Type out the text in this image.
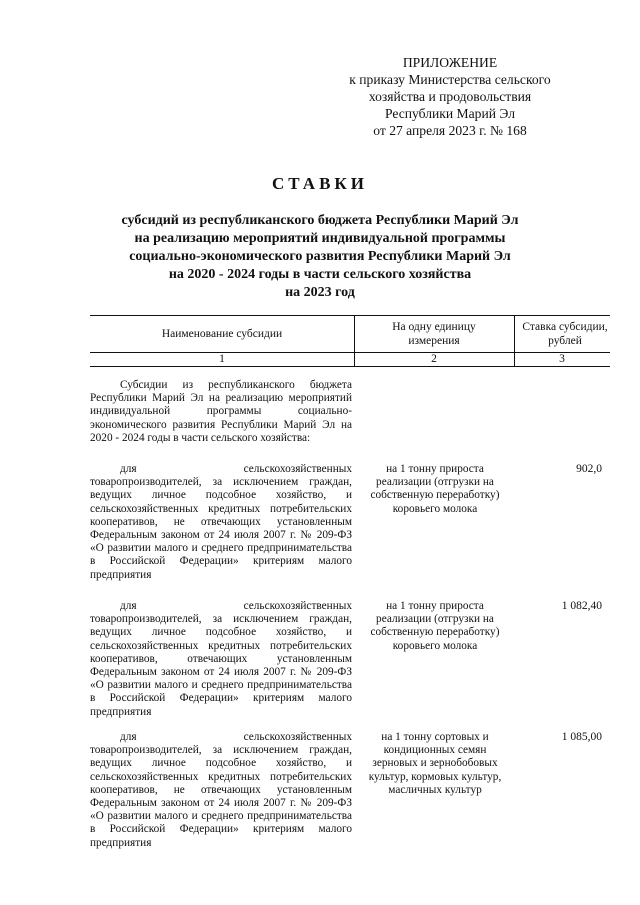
ПРИЛОЖЕНИЕ
к приказу Министерства сельского
хозяйства и продовольствия
Республики Марий Эл
от 27 апреля 2023 г. № 168
СТАВКИ
субсидий из республиканского бюджета Республики Марий Эл
на реализацию мероприятий индивидуальной программы
социально-экономического развития Республики Марий Эл
на 2020 - 2024 годы в части сельского хозяйства
на 2023 год
Наименование субсидии
На одну единицу измерения
Ставка субсидии, рублей
1	2	3
Субсидии из республиканского бюджета Республики Марий Эл на реализацию мероприятий индивидуальной программы социально-экономического развития Республики Марий Эл на 2020 - 2024 годы в части сельского хозяйства:
для сельскохозяйственных товаропроизводителей, за исключением граждан, ведущих личное подсобное хозяйство, и сельскохозяйственных кредитных потребительских кооперативов, не отвечающих установленным Федеральным законом от 24 июля 2007 г. № 209-ФЗ «О развитии малого и среднего предпринимательства в Российской Федерации» критериям малого предприятия
на 1 тонну прироста реализации (отгрузки на собственную переработку) коровьего молока
902,0
для сельскохозяйственных товаропроизводителей, за исключением граждан, ведущих личное подсобное хозяйство, и сельскохозяйственных кредитных потребительских кооперативов, отвечающих установленным Федеральным законом от 24 июля 2007 г. № 209-ФЗ «О развитии малого и среднего предпринимательства в Российской Федерации» критериям малого предприятия
на 1 тонну прироста реализации (отгрузки на собственную переработку) коровьего молока
1 082,40
для сельскохозяйственных товаропроизводителей, за исключением граждан, ведущих личное подсобное хозяйство, и сельскохозяйственных кредитных потребительских кооперативов, не отвечающих установленным Федеральным законом от 24 июля 2007 г. № 209-ФЗ «О развитии малого и среднего предпринимательства в Российской Федерации» критериям малого предприятия
на 1 тонну сортовых и кондиционных семян зерновых и зернобобовых культур, кормовых культур, масличных культур
1 085,00
